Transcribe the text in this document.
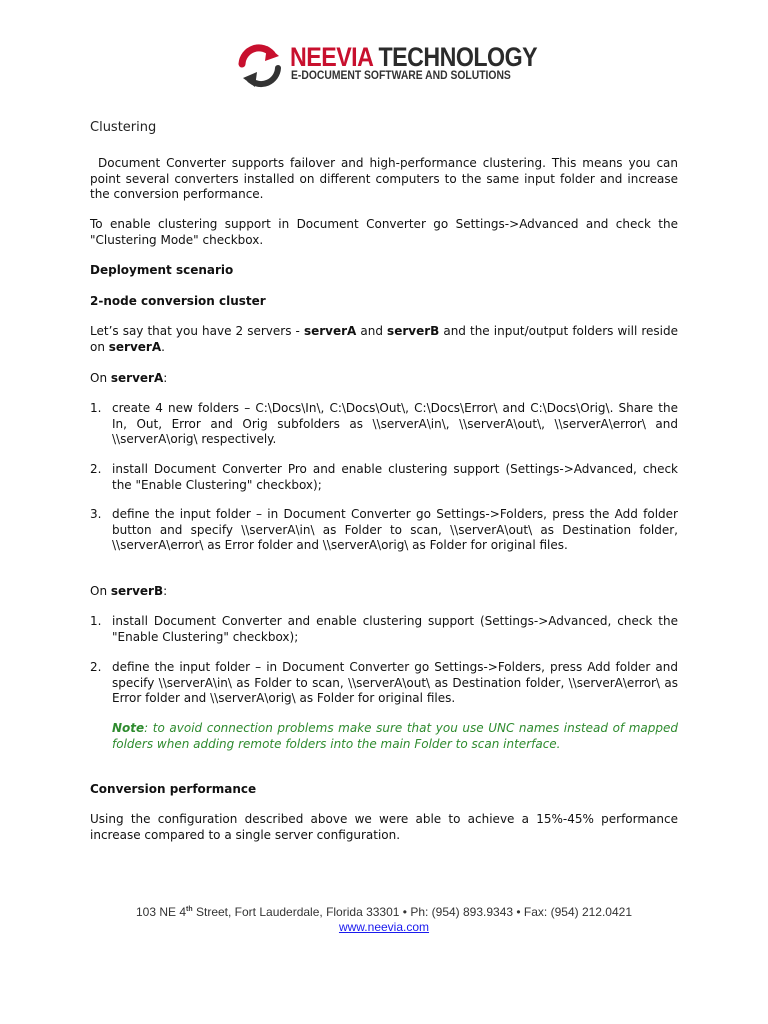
NEEVIA TECHNOLOGY
E-DOCUMENT SOFTWARE AND SOLUTIONS
Clustering
Document Converter supports failover and high-performance clustering. This means you can point several converters installed on different computers to the same input folder and increase the conversion performance.
To enable clustering support in Document Converter go Settings->Advanced and check the "Clustering Mode" checkbox.
Deployment scenario
2-node conversion cluster
Let’s say that you have 2 servers - serverA and serverB and the input/output folders will reside on serverA.
On serverA:
1. create 4 new folders – C:\Docs\In\, C:\Docs\Out\, C:\Docs\Error\ and C:\Docs\Orig\. Share the In, Out, Error and Orig subfolders as \\serverA\in\, \\serverA\out\, \\serverA\error\ and \\serverA\orig\ respectively.
2. install Document Converter Pro and enable clustering support (Settings->Advanced, check the "Enable Clustering" checkbox);
3. define the input folder – in Document Converter go Settings->Folders, press the Add folder button and specify \\serverA\in\ as Folder to scan, \\serverA\out\ as Destination folder, \\serverA\error\ as Error folder and \\serverA\orig\ as Folder for original files.
On serverB:
1. install Document Converter and enable clustering support (Settings->Advanced, check the "Enable Clustering" checkbox);
2. define the input folder – in Document Converter go Settings->Folders, press Add folder and specify \\serverA\in\ as Folder to scan, \\serverA\out\ as Destination folder, \\serverA\error\ as Error folder and \\serverA\orig\ as Folder for original files.
Note: to avoid connection problems make sure that you use UNC names instead of mapped folders when adding remote folders into the main Folder to scan interface.
Conversion performance
Using the configuration described above we were able to achieve a 15%-45% performance increase compared to a single server configuration.
103 NE 4th Street, Fort Lauderdale, Florida 33301 • Ph: (954) 893.9343 • Fax: (954) 212.0421
www.neevia.com
